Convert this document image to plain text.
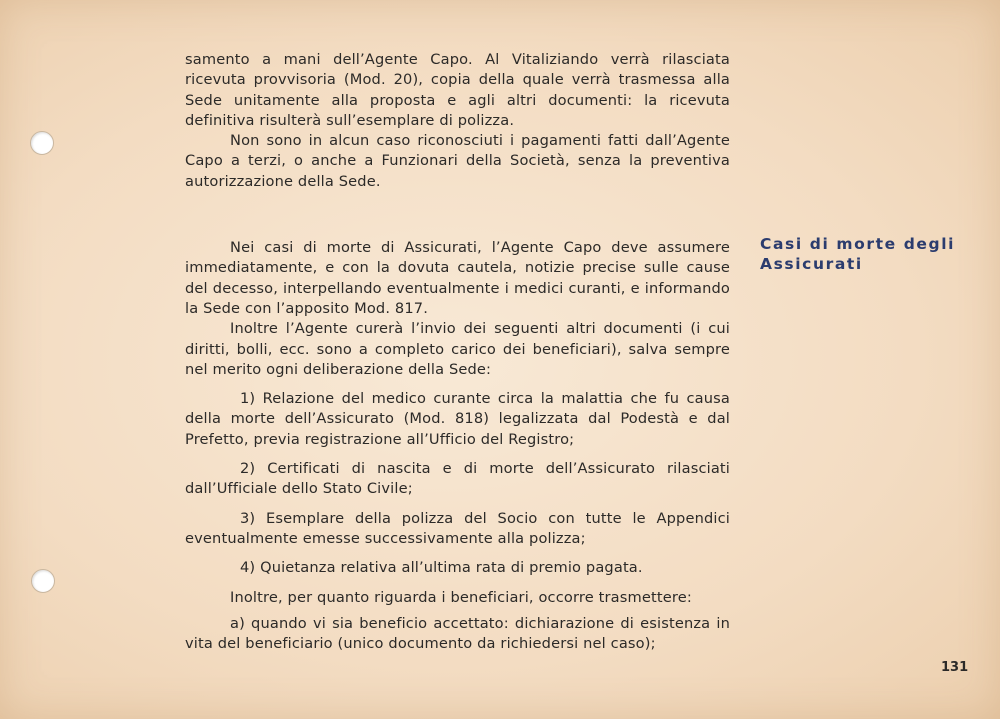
samento a mani dell’Agente Capo. Al Vitaliziando verrà rilasciata ricevuta provvisoria (Mod. 20), copia della quale verrà trasmessa alla Sede unitamente alla proposta e agli altri documenti: la ricevuta definitiva risulterà sull’esemplare di polizza.

Non sono in alcun caso riconosciuti i pagamenti fatti dall’Agente Capo a terzi, o anche a Funzionari della Società, senza la preventiva autorizzazione della Sede.

Nei casi di morte di Assicurati, l’Agente Capo deve assumere immediatamente, e con la dovuta cautela, notizie precise sulle cause del decesso, interpellando eventualmente i medici curanti, e informando la Sede con l’apposito Mod. 817.

Inoltre l’Agente curerà l’invio dei seguenti altri documenti (i cui diritti, bolli, ecc. sono a completo carico dei beneficiari), salva sempre nel merito ogni deliberazione della Sede:

1) Relazione del medico curante circa la malattia che fu causa della morte dell’Assicurato (Mod. 818) legalizzata dal Podestà e dal Prefetto, previa registrazione all’Ufficio del Registro;

2) Certificati di nascita e di morte dell’Assicurato rilasciati dall’Ufficiale dello Stato Civile;

3) Esemplare della polizza del Socio con tutte le Appendici eventualmente emesse successivamente alla polizza;

4) Quietanza relativa all’ultima rata di premio pagata.

Inoltre, per quanto riguarda i beneficiari, occorre trasmettere:

a) quando vi sia beneficio accettato: dichiarazione di esistenza in vita del beneficiario (unico documento da richiedersi nel caso);

Casi di morte degli
Assicurati
131
